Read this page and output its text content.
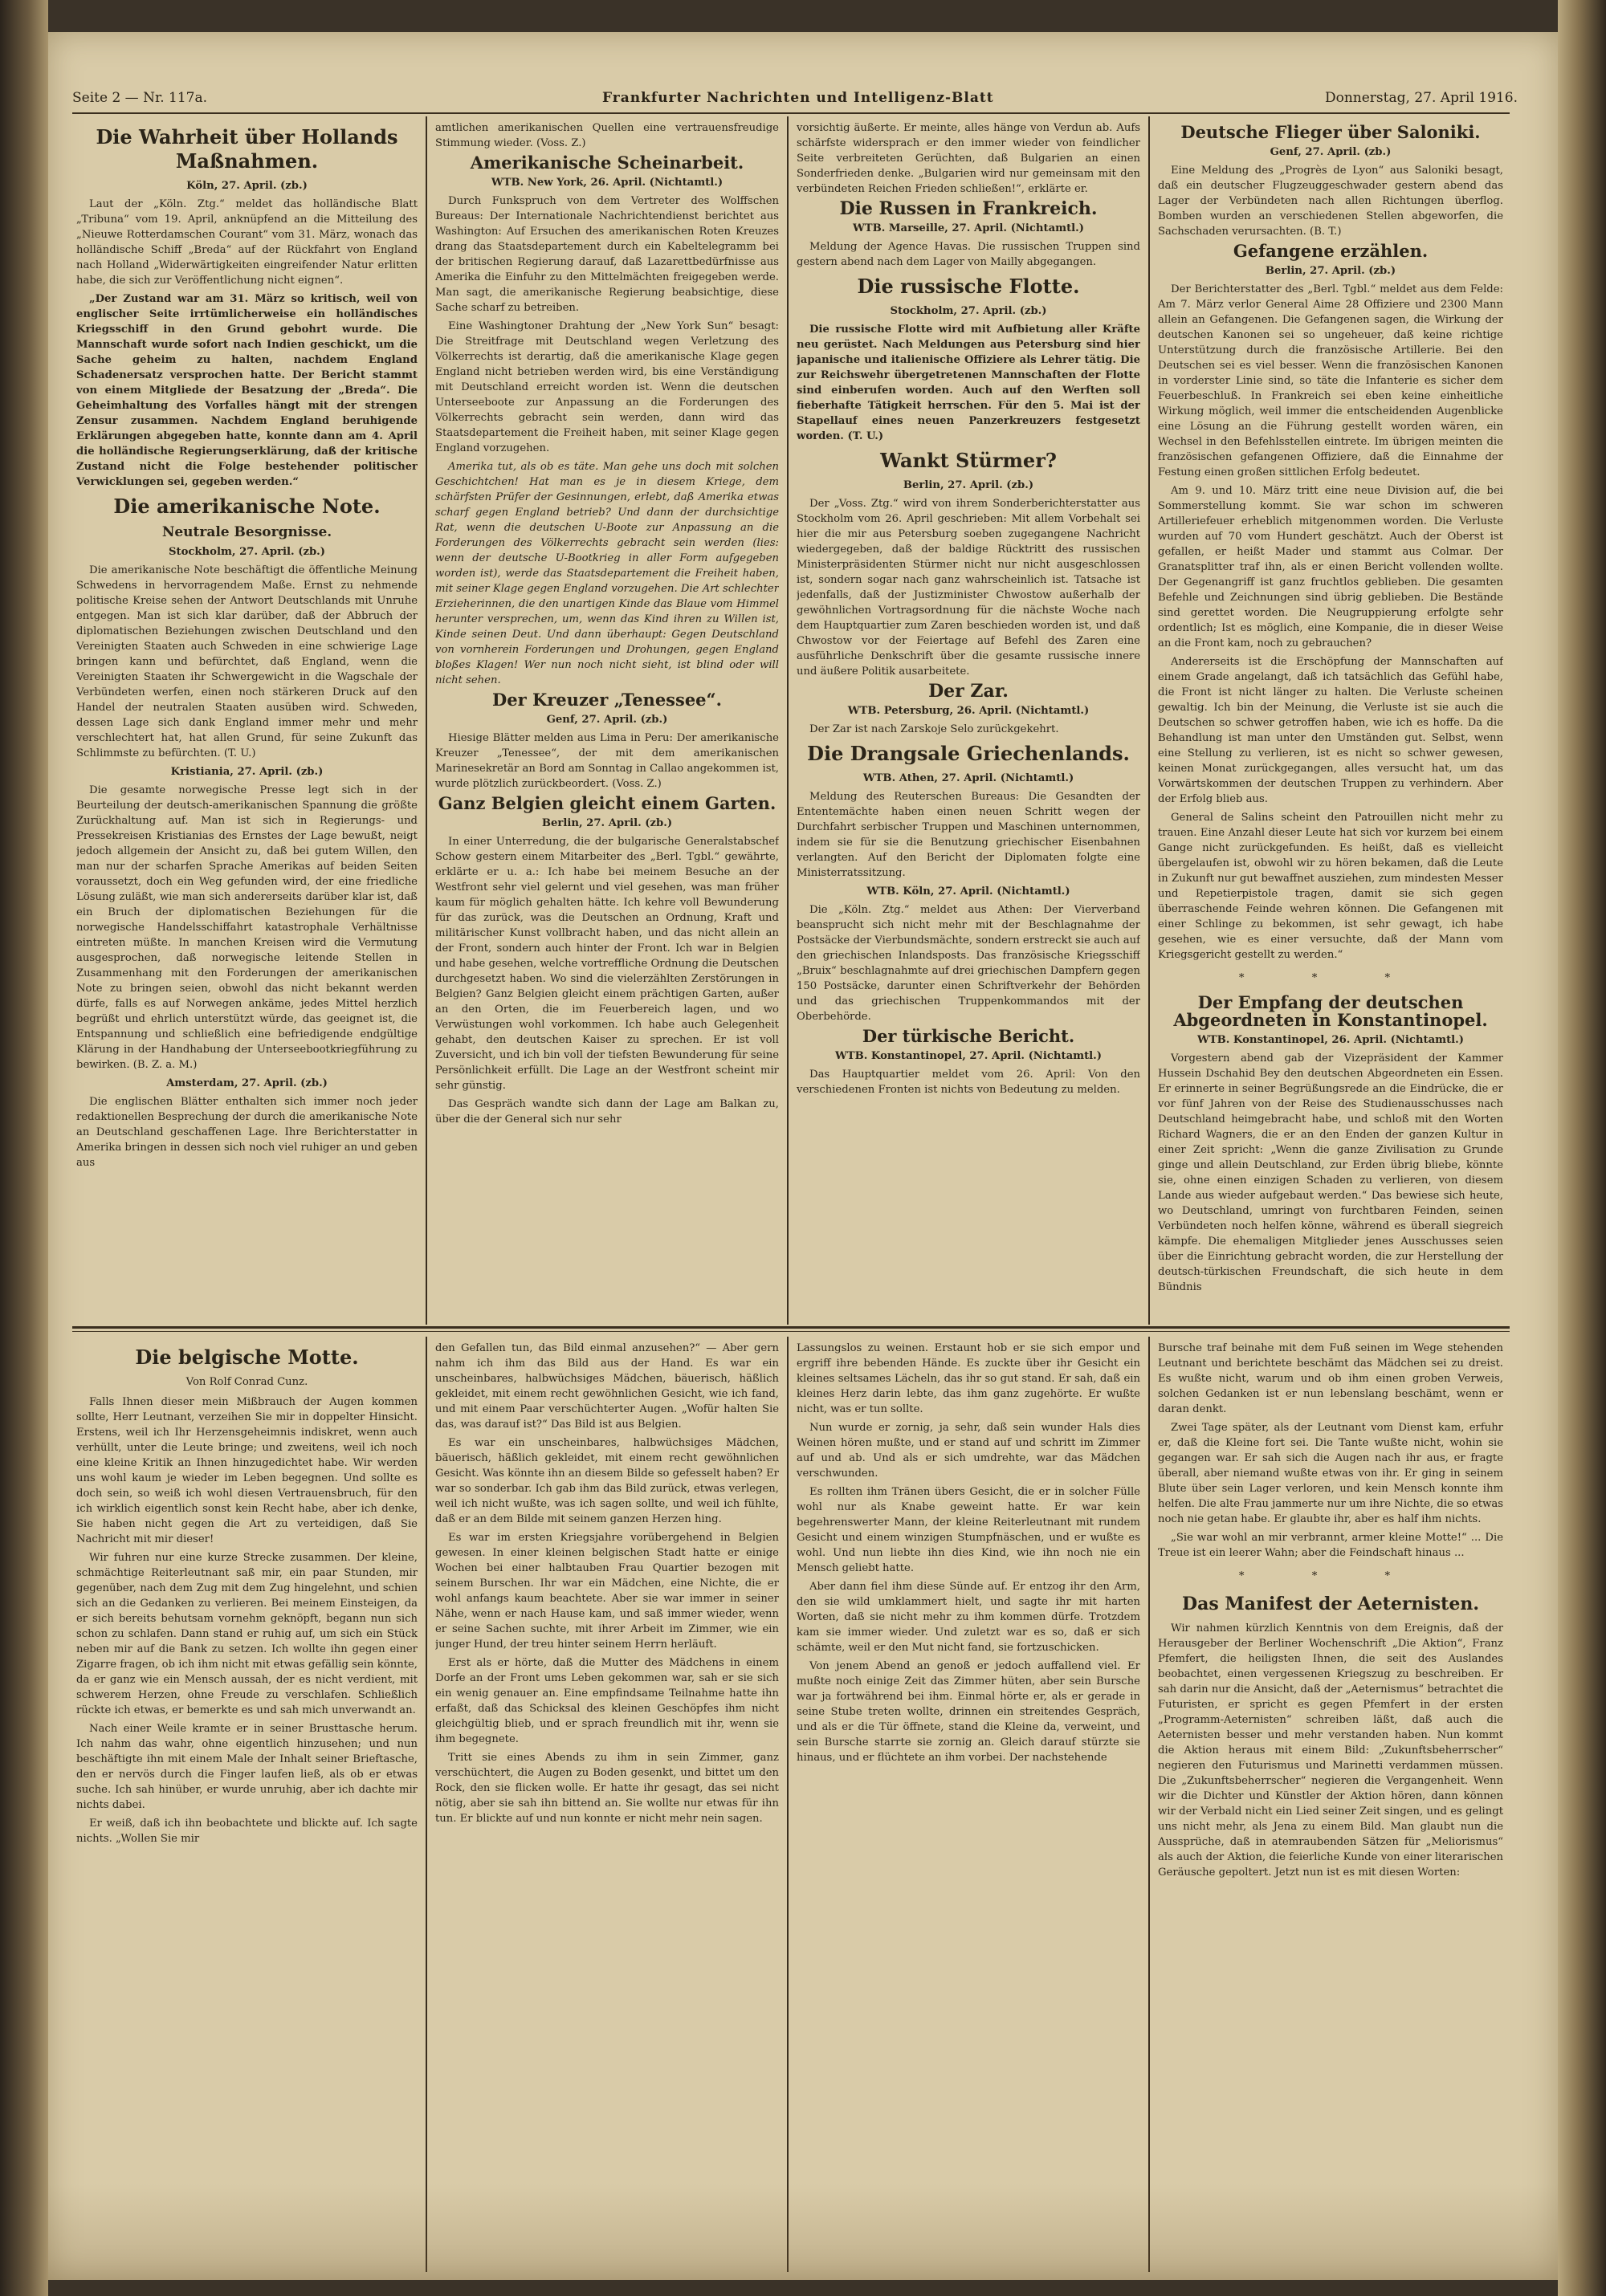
Seite 2 — Nr. 117a.	Frankfurter Nachrichten und Intelligenz-Blatt	Donnerstag, 27. April 1916.
Die Wahrheit über Hollands Maßnahmen.
Köln, 27. April. (zb.)

Laut der „Köln. Ztg.“ meldet das holländische Blatt „Tribuna“ vom 19. April, anknüpfend an die Mitteilung des „Nieuwe Rotterdamschen Courant“ vom 31. März, wonach das holländische Schiff „Breda“ auf der Rückfahrt von England nach Holland „Widerwärtigkeiten eingreifender Natur erlitten habe, die sich zur Veröffentlichung nicht eignen“.

„Der Zustand war am 31. März so kritisch, weil von englischer Seite irrtümlicherweise ein holländisches Kriegsschiff in den Grund gebohrt wurde. Die Mannschaft wurde sofort nach Indien geschickt, um die Sache geheim zu halten, nachdem England Schadenersatz versprochen hatte. Der Bericht stammt von einem Mitgliede der Besatzung der „Breda“. Die Geheimhaltung des Vorfalles hängt mit der strengen Zensur zusammen. Nachdem England beruhigende Erklärungen abgegeben hatte, konnte dann am 4. April die holländische Regierungserklärung, daß der kritische Zustand nicht die Folge bestehender politischer Verwicklungen sei, gegeben werden.“

Die amerikanische Note.
Neutrale Besorgnisse.
Stockholm, 27. April. (zb.)

Die amerikanische Note beschäftigt die öffentliche Meinung Schwedens in hervorragendem Maße. Ernst zu nehmende politische Kreise sehen der Antwort Deutschlands mit Unruhe entgegen. Man ist sich klar darüber, daß der Abbruch der diplomatischen Beziehungen zwischen Deutschland und den Vereinigten Staaten auch Schweden in eine schwierige Lage bringen kann und befürchtet, daß England, wenn die Vereinigten Staaten ihr Schwergewicht in die Wagschale der Verbündeten werfen, einen noch stärkeren Druck auf den Handel der neutralen Staaten ausüben wird. Schweden, dessen Lage sich dank England immer mehr und mehr verschlechtert hat, hat allen Grund, für seine Zukunft das Schlimmste zu befürchten. (T. U.)

Kristiania, 27. April. (zb.)

Die gesamte norwegische Presse legt sich in der Beurteilung der deutsch-amerikanischen Spannung die größte Zurückhaltung auf. Man ist sich in Regierungs- und Pressekreisen Kristianias des Ernstes der Lage bewußt, neigt jedoch allgemein der Ansicht zu, daß bei gutem Willen, den man nur der scharfen Sprache Amerikas auf beiden Seiten voraussetzt, doch ein Weg gefunden wird, der eine friedliche Lösung zuläßt, wie man sich andererseits darüber klar ist, daß ein Bruch der diplomatischen Beziehungen für die norwegische Handelsschiffahrt katastrophale Verhältnisse eintreten müßte. In manchen Kreisen wird die Vermutung ausgesprochen, daß norwegische leitende Stellen in Zusammenhang mit den Forderungen der amerikanischen Note zu bringen seien, obwohl das nicht bekannt werden dürfe, falls es auf Norwegen ankäme, jedes Mittel herzlich begrüßt und ehrlich unterstützt würde, das geeignet ist, die Entspannung und schließlich eine befriedigende endgültige Klärung in der Handhabung der Unterseebootkriegführung zu bewirken. (B. Z. a. M.)

Amsterdam, 27. April. (zb.)

Die englischen Blätter enthalten sich immer noch jeder redaktionellen Besprechung der durch die amerikanische Note an Deutschland geschaffenen Lage. Ihre Berichterstatter in Amerika bringen in dessen sich noch viel ruhiger an und geben aus

amtlichen amerikanischen Quellen eine vertrauensfreudige Stimmung wieder. (Voss. Z.)

Amerikanische Scheinarbeit.
WTB. New York, 26. April. (Nichtamtl.)

Durch Funkspruch von dem Vertreter des Wolffschen Bureaus: Der Internationale Nachrichtendienst berichtet aus Washington: Auf Ersuchen des amerikanischen Roten Kreuzes drang das Staatsdepartement durch ein Kabeltelegramm bei der britischen Regierung darauf, daß Lazarettbedürfnisse aus Amerika die Einfuhr zu den Mittelmächten freigegeben werde. Man sagt, die amerikanische Regierung beabsichtige, diese Sache scharf zu betreiben.

Eine Washingtoner Drahtung der „New York Sun“ besagt: Die Streitfrage mit Deutschland wegen Verletzung des Völkerrechts ist derartig, daß die amerikanische Klage gegen England nicht betrieben werden wird, bis eine Verständigung mit Deutschland erreicht worden ist. Wenn die deutschen Unterseeboote zur Anpassung an die Forderungen des Völkerrechts gebracht sein werden, dann wird das Staatsdepartement die Freiheit haben, mit seiner Klage gegen England vorzugehen.

Amerika tut, als ob es täte. Man gehe uns doch mit solchen Geschichtchen! Hat man es je in diesem Kriege, dem schärfsten Prüfer der Gesinnungen, erlebt, daß Amerika etwas scharf gegen England betrieb? Und dann der durchsichtige Rat, wenn die deutschen U-Boote zur Anpassung an die Forderungen des Völkerrechts gebracht sein werden (lies: wenn der deutsche U-Bootkrieg in aller Form aufgegeben worden ist), werde das Staatsdepartement die Freiheit haben, mit seiner Klage gegen England vorzugehen. Die Art schlechter Erzieherinnen, die den unartigen Kinde das Blaue vom Himmel herunter versprechen, um, wenn das Kind ihren zu Willen ist, Kinde seinen Deut. Und dann überhaupt: Gegen Deutschland von vornherein Forderungen und Drohungen, gegen England bloßes Klagen! Wer nun noch nicht sieht, ist blind oder will nicht sehen.

Der Kreuzer „Tenessee“.
Genf, 27. April. (zb.)

Hiesige Blätter melden aus Lima in Peru: Der amerikanische Kreuzer „Tenessee“, der mit dem amerikanischen Marinesekretär an Bord am Sonntag in Callao angekommen ist, wurde plötzlich zurückbeordert. (Voss. Z.)

Ganz Belgien gleicht einem Garten.
Berlin, 27. April. (zb.)

In einer Unterredung, die der bulgarische Generalstabschef Schow gestern einem Mitarbeiter des „Berl. Tgbl.“ gewährte, erklärte er u. a.: Ich habe bei meinem Besuche an der Westfront sehr viel gelernt und viel gesehen, was man früher kaum für möglich gehalten hätte. Ich kehre voll Bewunderung für das zurück, was die Deutschen an Ordnung, Kraft und militärischer Kunst vollbracht haben, und das nicht allein an der Front, sondern auch hinter der Front. Ich war in Belgien und habe gesehen, welche vortreffliche Ordnung die Deutschen durchgesetzt haben. Wo sind die vielerzählten Zerstörungen in Belgien? Ganz Belgien gleicht einem prächtigen Garten, außer an den Orten, die im Feuerbereich lagen, und wo Verwüstungen wohl vorkommen. Ich habe auch Gelegenheit gehabt, den deutschen Kaiser zu sprechen. Er ist voll Zuversicht, und ich bin voll der tiefsten Bewunderung für seine Persönlichkeit erfüllt. Die Lage an der Westfront scheint mir sehr günstig.

Das Gespräch wandte sich dann der Lage am Balkan zu, über die der General sich nur sehr

vorsichtig äußerte. Er meinte, alles hänge von Verdun ab. Aufs schärfste widersprach er den immer wieder von feindlicher Seite verbreiteten Gerüchten, daß Bulgarien an einen Sonderfrieden denke. „Bulgarien wird nur gemeinsam mit den verbündeten Reichen Frieden schließen!“, erklärte er.

Die Russen in Frankreich.
WTB. Marseille, 27. April. (Nichtamtl.)

Meldung der Agence Havas. Die russischen Truppen sind gestern abend nach dem Lager von Mailly abgegangen.

Die russische Flotte.
Stockholm, 27. April. (zb.)

Die russische Flotte wird mit Aufbietung aller Kräfte neu gerüstet. Nach Meldungen aus Petersburg sind hier japanische und italienische Offiziere als Lehrer tätig. Die zur Reichswehr übergetretenen Mannschaften der Flotte sind einberufen worden. Auch auf den Werften soll fieberhafte Tätigkeit herrschen. Für den 5. Mai ist der Stapellauf eines neuen Panzerkreuzers festgesetzt worden. (T. U.)

Wankt Stürmer?
Berlin, 27. April. (zb.)

Der „Voss. Ztg.“ wird von ihrem Sonderberichterstatter aus Stockholm vom 26. April geschrieben: Mit allem Vorbehalt sei hier die mir aus Petersburg soeben zugegangene Nachricht wiedergegeben, daß der baldige Rücktritt des russischen Ministerpräsidenten Stürmer nicht nur nicht ausgeschlossen ist, sondern sogar nach ganz wahrscheinlich ist. Tatsache ist jedenfalls, daß der Justizminister Chwostow außerhalb der gewöhnlichen Vortragsordnung für die nächste Woche nach dem Hauptquartier zum Zaren beschieden worden ist, und daß Chwostow vor der Feiertage auf Befehl des Zaren eine ausführliche Denkschrift über die gesamte russische innere und äußere Politik ausarbeitete.

Der Zar.
WTB. Petersburg, 26. April. (Nichtamtl.)

Der Zar ist nach Zarskoje Selo zurückgekehrt.

Die Drangsale Griechenlands.
WTB. Athen, 27. April. (Nichtamtl.)

Meldung des Reuterschen Bureaus: Die Gesandten der Ententemächte haben einen neuen Schritt wegen der Durchfahrt serbischer Truppen und Maschinen unternommen, indem sie für sie die Benutzung griechischer Eisenbahnen verlangten. Auf den Bericht der Diplomaten folgte eine Ministerratssitzung.

WTB. Köln, 27. April. (Nichtamtl.)

Die „Köln. Ztg.“ meldet aus Athen: Der Vierverband beansprucht sich nicht mehr mit der Beschlagnahme der Postsäcke der Vierbundsmächte, sondern erstreckt sie auch auf den griechischen Inlandsposts. Das französische Kriegsschiff „Bruix“ beschlagnahmte auf drei griechischen Dampfern gegen 150 Postsäcke, darunter einen Schriftverkehr der Behörden und das griechischen Truppenkommandos mit der Oberbehörde.

Der türkische Bericht.
WTB. Konstantinopel, 27. April. (Nichtamtl.)

Das Hauptquartier meldet vom 26. April: Von den verschiedenen Fronten ist nichts von Bedeutung zu melden.

Deutsche Flieger über Saloniki.
Genf, 27. April. (zb.)

Eine Meldung des „Progrès de Lyon“ aus Saloniki besagt, daß ein deutscher Flugzeuggeschwader gestern abend das Lager der Verbündeten nach allen Richtungen überflog. Bomben wurden an verschiedenen Stellen abgeworfen, die Sachschaden verursachten. (B. T.)

Gefangene erzählen.
Berlin, 27. April. (zb.)

Der Berichterstatter des „Berl. Tgbl.“ meldet aus dem Felde: Am 7. März verlor General Aime 28 Offiziere und 2300 Mann allein an Gefangenen. Die Gefangenen sagen, die Wirkung der deutschen Kanonen sei so ungeheuer, daß keine richtige Unterstützung durch die französische Artillerie. Bei den Deutschen sei es viel besser. Wenn die französischen Kanonen in vorderster Linie sind, so täte die Infanterie es sicher dem Feuerbeschluß. In Frankreich sei eben keine einheitliche Wirkung möglich, weil immer die entscheidenden Augenblicke eine Lösung an die Führung gestellt worden wären, ein Wechsel in den Befehlsstellen eintrete. Im übrigen meinten die französischen gefangenen Offiziere, daß die Einnahme der Festung einen großen sittlichen Erfolg bedeutet.

Am 9. und 10. März tritt eine neue Division auf, die bei Sommerstellung kommt. Sie war schon im schweren Artilleriefeuer erheblich mitgenommen worden. Die Verluste wurden auf 70 vom Hundert geschätzt. Auch der Oberst ist gefallen, er heißt Mader und stammt aus Colmar. Der Granatsplitter traf ihn, als er einen Bericht vollenden wollte. Der Gegenangriff ist ganz fruchtlos geblieben. Die gesamten Befehle und Zeichnungen sind übrig geblieben. Die Bestände sind gerettet worden. Die Neugruppierung erfolgte sehr ordentlich; Ist es möglich, eine Kompanie, die in dieser Weise an die Front kam, noch zu gebrauchen?

Andererseits ist die Erschöpfung der Mannschaften auf einem Grade angelangt, daß ich tatsächlich das Gefühl habe, die Front ist nicht länger zu halten. Die Verluste scheinen gewaltig. Ich bin der Meinung, die Verluste ist sie auch die Deutschen so schwer getroffen haben, wie ich es hoffe. Da die Behandlung ist man unter den Umständen gut. Selbst, wenn eine Stellung zu verlieren, ist es nicht so schwer gewesen, keinen Monat zurückgegangen, alles versucht hat, um das Vorwärtskommen der deutschen Truppen zu verhindern. Aber der Erfolg blieb aus.

General de Salins scheint den Patrouillen nicht mehr zu trauen. Eine Anzahl dieser Leute hat sich vor kurzem bei einem Gange nicht zurückgefunden. Es heißt, daß es vielleicht übergelaufen ist, obwohl wir zu hören bekamen, daß die Leute in Zukunft nur gut bewaffnet ausziehen, zum mindesten Messer und Repetierpistole tragen, damit sie sich gegen überraschende Feinde wehren können. Die Gefangenen mit einer Schlinge zu bekommen, ist sehr gewagt, ich habe gesehen, wie es einer versuchte, daß der Mann vom Kriegsgericht gestellt zu werden.“

* * *
Der Empfang der deutschen Abgeordneten in Konstantinopel.
WTB. Konstantinopel, 26. April. (Nichtamtl.)

Vorgestern abend gab der Vizepräsident der Kammer Hussein Dschahid Bey den deutschen Abgeordneten ein Essen. Er erinnerte in seiner Begrüßungsrede an die Eindrücke, die er vor fünf Jahren von der Reise des Studienausschusses nach Deutschland heimgebracht habe, und schloß mit den Worten Richard Wagners, die er an den Enden der ganzen Kultur in einer Zeit spricht: „Wenn die ganze Zivilisation zu Grunde ginge und allein Deutschland, zur Erden übrig bliebe, könnte sie, ohne einen einzigen Schaden zu verlieren, von diesem Lande aus wieder aufgebaut werden.“ Das bewiese sich heute, wo Deutschland, umringt von furchtbaren Feinden, seinen Verbündeten noch helfen könne, während es überall siegreich kämpfe. Die ehemaligen Mitglieder jenes Ausschusses seien über die Einrichtung gebracht worden, die zur Herstellung der deutsch-türkischen Freundschaft, die sich heute in dem Bündnis

Die belgische Motte.
Von Rolf Conrad Cunz.

Falls Ihnen dieser mein Mißbrauch der Augen kommen sollte, Herr Leutnant, verzeihen Sie mir in doppelter Hinsicht. Erstens, weil ich Ihr Herzensgeheimnis indiskret, wenn auch verhüllt, unter die Leute bringe; und zweitens, weil ich noch eine kleine Kritik an Ihnen hinzugedichtet habe. Wir werden uns wohl kaum je wieder im Leben begegnen. Und sollte es doch sein, so weiß ich wohl diesen Vertrauensbruch, für den ich wirklich eigentlich sonst kein Recht habe, aber ich denke, Sie haben nicht gegen die Art zu verteidigen, daß Sie Nachricht mit mir dieser!

Wir fuhren nur eine kurze Strecke zusammen. Der kleine, schmächtige Reiterleutnant saß mir, ein paar Stunden, mir gegenüber, nach dem Zug mit dem Zug hingelehnt, und schien sich an die Gedanken zu verlieren. Bei meinem Einsteigen, da er sich bereits behutsam vornehm geknöpft, begann nun sich schon zu schlafen. Dann stand er ruhig auf, um sich ein Stück neben mir auf die Bank zu setzen. Ich wollte ihn gegen einer Zigarre fragen, ob ich ihm nicht mit etwas gefällig sein könnte, da er ganz wie ein Mensch aussah, der es nicht verdient, mit schwerem Herzen, ohne Freude zu verschlafen. Schließlich rückte ich etwas, er bemerkte es und sah mich unverwandt an.

Nach einer Weile kramte er in seiner Brusttasche herum. Ich nahm das wahr, ohne eigentlich hinzusehen; und nun beschäftigte ihn mit einem Male der Inhalt seiner Brieftasche, den er nervös durch die Finger laufen ließ, als ob er etwas suche. Ich sah hinüber, er wurde unruhig, aber ich dachte mir nichts dabei.

Er weiß, daß ich ihn beobachtete und blickte auf. Ich sagte nichts. „Wollen Sie mir

den Gefallen tun, das Bild einmal anzusehen?“ — Aber gern nahm ich ihm das Bild aus der Hand. Es war ein unscheinbares, halbwüchsiges Mädchen, bäuerisch, häßlich gekleidet, mit einem recht gewöhnlichen Gesicht, wie ich fand, und mit einem Paar verschüchterter Augen. „Wofür halten Sie das, was darauf ist?“ Das Bild ist aus Belgien.

Es war ein unscheinbares, halbwüchsiges Mädchen, bäuerisch, häßlich gekleidet, mit einem recht gewöhnlichen Gesicht. Was könnte ihn an diesem Bilde so gefesselt haben? Er war so sonderbar. Ich gab ihm das Bild zurück, etwas verlegen, weil ich nicht wußte, was ich sagen sollte, und weil ich fühlte, daß er an dem Bilde mit seinem ganzen Herzen hing.

Es war im ersten Kriegsjahre vorübergehend in Belgien gewesen. In einer kleinen belgischen Stadt hatte er einige Wochen bei einer halbtauben Frau Quartier bezogen mit seinem Burschen. Ihr war ein Mädchen, eine Nichte, die er wohl anfangs kaum beachtete. Aber sie war immer in seiner Nähe, wenn er nach Hause kam, und saß immer wieder, wenn er seine Sachen suchte, mit ihrer Arbeit im Zimmer, wie ein junger Hund, der treu hinter seinem Herrn herläuft.

Erst als er hörte, daß die Mutter des Mädchens in einem Dorfe an der Front ums Leben gekommen war, sah er sie sich ein wenig genauer an. Eine empfindsame Teilnahme hatte ihn erfaßt, daß das Schicksal des kleinen Geschöpfes ihm nicht gleichgültig blieb, und er sprach freundlich mit ihr, wenn sie ihm begegnete.

Tritt sie eines Abends zu ihm in sein Zimmer, ganz verschüchtert, die Augen zu Boden gesenkt, und bittet um den Rock, den sie flicken wolle. Er hatte ihr gesagt, das sei nicht nötig, aber sie sah ihn bittend an. Sie wollte nur etwas für ihn tun. Er blickte auf und nun konnte er nicht mehr nein sagen.

Lassungslos zu weinen. Erstaunt hob er sie sich empor und ergriff ihre bebenden Hände. Es zuckte über ihr Gesicht ein kleines seltsames Lächeln, das ihr so gut stand. Er sah, daß ein kleines Herz darin lebte, das ihm ganz zugehörte. Er wußte nicht, was er tun sollte.

Nun wurde er zornig, ja sehr, daß sein wunder Hals dies Weinen hören mußte, und er stand auf und schritt im Zimmer auf und ab. Und als er sich umdrehte, war das Mädchen verschwunden.

Es rollten ihm Tränen übers Gesicht, die er in solcher Fülle wohl nur als Knabe geweint hatte. Er war kein begehrenswerter Mann, der kleine Reiterleutnant mit rundem Gesicht und einem winzigen Stumpfnäschen, und er wußte es wohl. Und nun liebte ihn dies Kind, wie ihn noch nie ein Mensch geliebt hatte.

Aber dann fiel ihm diese Sünde auf. Er entzog ihr den Arm, den sie wild umklammert hielt, und sagte ihr mit harten Worten, daß sie nicht mehr zu ihm kommen dürfe. Trotzdem kam sie immer wieder. Und zuletzt war es so, daß er sich schämte, weil er den Mut nicht fand, sie fortzuschicken.

Von jenem Abend an genoß er jedoch auffallend viel. Er mußte noch einige Zeit das Zimmer hüten, aber sein Bursche war ja fortwährend bei ihm. Einmal hörte er, als er gerade in seine Stube treten wollte, drinnen ein streitendes Gespräch, und als er die Tür öffnete, stand die Kleine da, verweint, und sein Bursche starrte sie zornig an. Gleich darauf stürzte sie hinaus, und er flüchtete an ihm vorbei. Der nachstehende

Bursche traf beinahe mit dem Fuß seinen im Wege stehenden Leutnant und berichtete beschämt das Mädchen sei zu dreist. Es wußte nicht, warum und ob ihm einen groben Verweis, solchen Gedanken ist er nun lebenslang beschämt, wenn er daran denkt.

Zwei Tage später, als der Leutnant vom Dienst kam, erfuhr er, daß die Kleine fort sei. Die Tante wußte nicht, wohin sie gegangen war. Er sah sich die Augen nach ihr aus, er fragte überall, aber niemand wußte etwas von ihr. Er ging in seinem Blute über sein Lager verloren, und kein Mensch konnte ihm helfen. Die alte Frau jammerte nur um ihre Nichte, die so etwas noch nie getan habe. Er glaubte ihr, aber es half ihm nichts.

„Sie war wohl an mir verbrannt, armer kleine Motte!“ ... Die Treue ist ein leerer Wahn; aber die Feindschaft hinaus ...

* * *
Das Manifest der Aeternisten.

Wir nahmen kürzlich Kenntnis von dem Ereignis, daß der Herausgeber der Berliner Wochenschrift „Die Aktion“, Franz Pfemfert, die heiligsten Ihnen, die seit des Auslandes beobachtet, einen vergessenen Kriegszug zu beschreiben. Er sah darin nur die Ansicht, daß der „Aeternismus“ betrachtet die Futuristen, er spricht es gegen Pfemfert in der ersten „Programm-Aeternisten“ schreiben läßt, daß auch die Aeternisten besser und mehr verstanden haben. Nun kommt die Aktion heraus mit einem Bild: „Zukunftsbeherrscher“ negieren den Futurismus und Marinetti verdammen müssen. Die „Zukunftsbeherrscher“ negieren die Vergangenheit. Wenn wir die Dichter und Künstler der Aktion hören, dann können wir der Verbald nicht ein Lied seiner Zeit singen, und es gelingt uns nicht mehr, als Jena zu einem Bild. Man glaubt nun die Aussprüche, daß in atemraubenden Sätzen für „Meliorismus“ als auch der Aktion, die feierliche Kunde von einer literarischen Geräusche gepoltert. Jetzt nun ist es mit diesen Worten:
